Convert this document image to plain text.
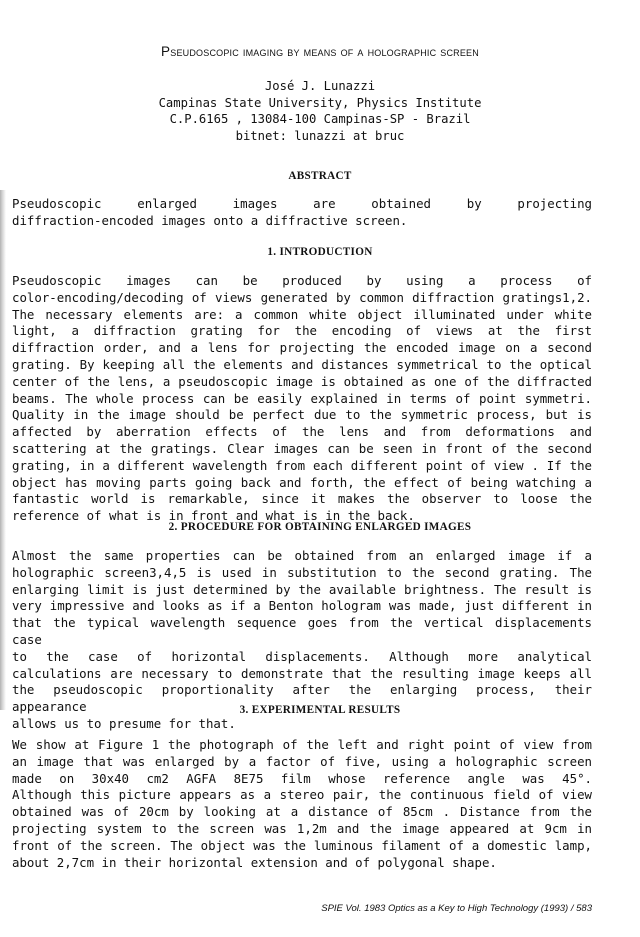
Pseudoscopic imaging by means of a holographic screen
José J. Lunazzi
Campinas State University, Physics Institute
C.P.6165 , 13084-100 Campinas-SP - Brazil
bitnet: lunazzi at bruc
ABSTRACT
Pseudoscopic enlarged images are obtained by projecting
diffraction-encoded images onto a diffractive screen.
1. INTRODUCTION
Pseudoscopic images can be produced by using a process of
color-encoding/decoding of views generated by common diffraction gratings1,2.
The necessary elements are: a common white object illuminated under white
light, a diffraction grating for the encoding of views at the first
diffraction order, and a lens for projecting the encoded image on a second
grating. By keeping all the elements and distances symmetrical to the optical
center of the lens, a pseudoscopic image is obtained as one of the diffracted
beams. The whole process can be easily explained in terms of point symmetri.
Quality in the image should be perfect due to the symmetric process, but is
affected by aberration effects of the lens and from deformations and
scattering at the gratings. Clear images can be seen in front of the second
grating, in a different wavelength from each different point of view . If the
object has moving parts going back and forth, the effect of being watching a
fantastic world is remarkable, since it makes the observer to loose the
reference of what is in front and what is in the back.
2. PROCEDURE FOR OBTAINING ENLARGED IMAGES
Almost the same properties can be obtained from an enlarged image if a
holographic screen3,4,5 is used in substitution to the second grating. The
enlarging limit is just determined by the available brightness. The result is
very impressive and looks as if a Benton hologram was made, just different in
that the typical wavelength sequence goes from the vertical displacements case
to the case of horizontal displacements. Although more analytical
calculations are necessary to demonstrate that the resulting image keeps all
the pseudoscopic proportionality after the enlarging process, their appearance
allows us to presume for that.
3. EXPERIMENTAL RESULTS
We show at Figure 1 the photograph of the left and right point of view from
an image that was enlarged by a factor of five, using a holographic screen
made on 30x40 cm2 AGFA 8E75 film whose reference angle was 45°.
Although this picture appears as a stereo pair, the continuous field of view
obtained was of 20cm by looking at a distance of 85cm . Distance from the
projecting system to the screen was 1,2m and the image appeared at 9cm in
front of the screen. The object was the luminous filament of a domestic lamp,
about 2,7cm in their horizontal extension and of polygonal shape.
SPIE Vol. 1983 Optics as a Key to High Technology (1993) / 583
